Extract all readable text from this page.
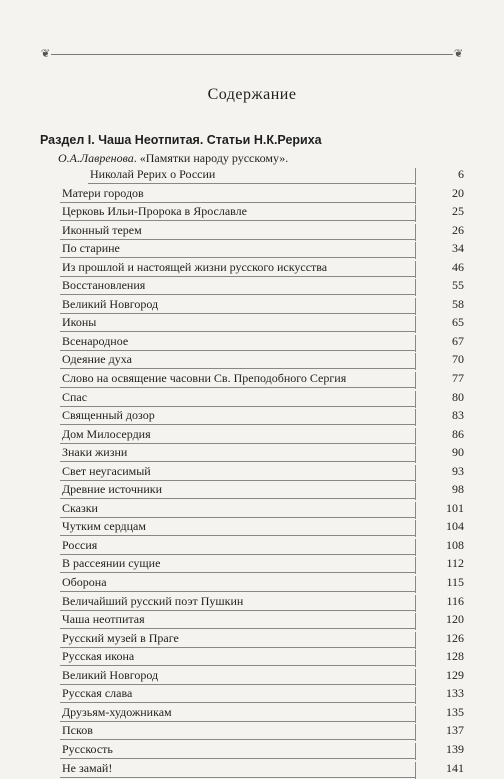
❦	❦
Содержание
Раздел I. Чаша Неотпитая. Статьи Н.К.Рериха
О.А.Лавренова. «Памятки народу русскому».
Николай Рерих о России	6
Матери городов	20
Церковь Ильи-Пророка в Ярославле	25
Иконный терем	26
По старине	34
Из прошлой и настоящей жизни русского искусства	46
Восстановления	55
Великий Новгород	58
Иконы	65
Всенародное	67
Одеяние духа	70
Слово на освящение часовни Св. Преподобного Сергия	77
Спас	80
Священный дозор	83
Дом Милосердия	86
Знаки жизни	90
Свет неугасимый	93
Древние источники	98
Сказки	101
Чутким сердцам	104
Россия	108
В рассеянии сущие	112
Оборона	115
Величайший русский поэт Пушкин	116
Чаша неотпитая	120
Русский музей в Праге	126
Русская икона	128
Великий Новгород	129
Русская слава	133
Друзьям-художникам	135
Псков	137
Русскость	139
Не замай!	141
